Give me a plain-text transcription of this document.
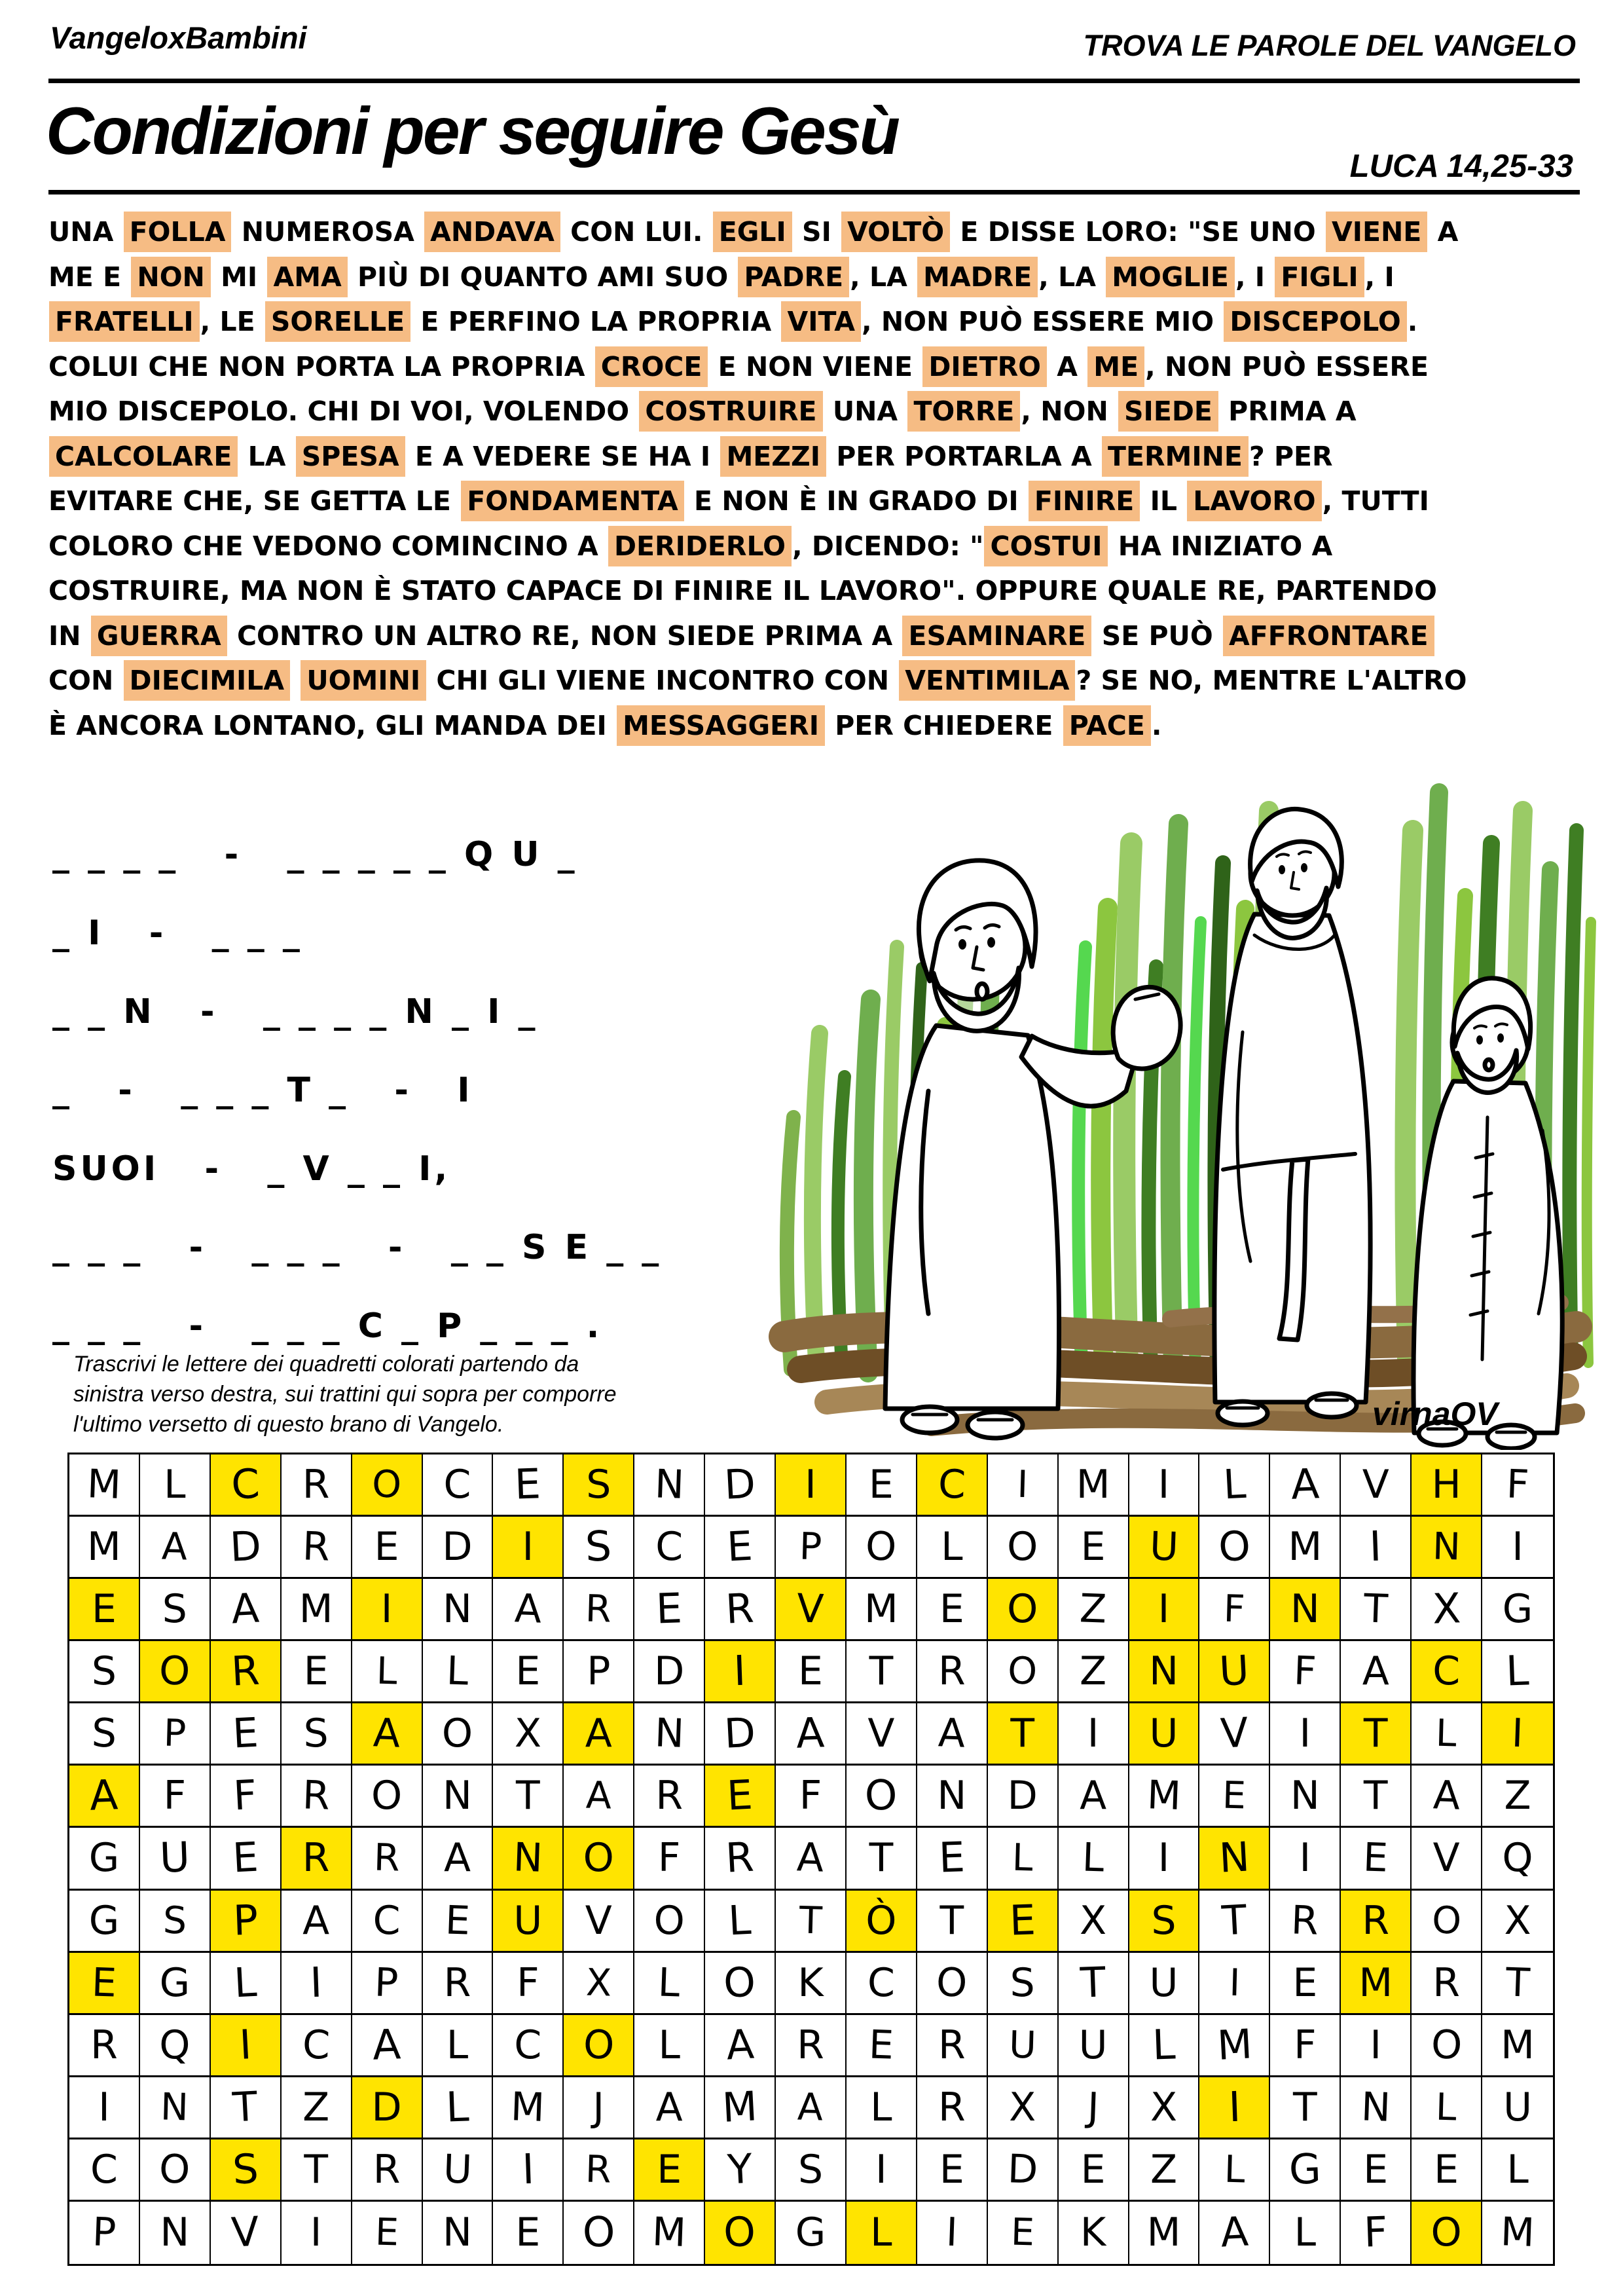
VangeloxBambini	TROVA LE PAROLE DEL VANGELO
Condizioni per seguire Gesù	LUCA 14,25-33
UNA FOLLA NUMEROSA ANDAVA CON LUI. EGLI SI VOLTÒ E DISSE LORO: "SE UNO VIENE A
ME E NON MI AMA PIÙ DI QUANTO AMI SUO PADRE , LA MADRE , LA MOGLIE , I FIGLI , I
FRATELLI , LE SORELLE E PERFINO LA PROPRIA VITA , NON PUÒ ESSERE MIO DISCEPOLO .
COLUI CHE NON PORTA LA PROPRIA CROCE E NON VIENE DIETRO A ME , NON PUÒ ESSERE
MIO DISCEPOLO. CHI DI VOI, VOLENDO COSTRUIRE UNA TORRE , NON SIEDE PRIMA A
CALCOLARE LA SPESA E A VEDERE SE HA I MEZZI PER PORTARLA A TERMINE ? PER
EVITARE CHE, SE GETTA LE FONDAMENTA E NON È IN GRADO DI FINIRE IL LAVORO , TUTTI
COLORO CHE VEDONO COMINCINO A DERIDERLO , DICENDO: " COSTUI HA INIZIATO A
COSTRUIRE, MA NON È STATO CAPACE DI FINIRE IL LAVORO". OPPURE QUALE RE, PARTENDO
IN GUERRA CONTRO UN ALTRO RE, NON SIEDE PRIMA A ESAMINARE SE PUÒ AFFRONTARE
CON DIECIMILA UOMINI CHI GLI VIENE INCONTRO CON VENTIMILA ? SE NO, MENTRE L'ALTRO
È ANCORA LONTANO, GLI MANDA DEI MESSAGGERI PER CHIEDERE PACE .
_ _ _ _   -   _ _ _ _ _ Q U _
_ I   -   _ _ _
_ _ N   -   _ _ _ _ N _ I _
_   -   _ _ _ T _   -   I
SUOI   -   _ V _ _ I,
_ _ _   -   _ _ _   -   _ _ S E _ _
_ _ _   -   _ _ _ C _ P _ _ _ .
Trascrivi le lettere dei quadretti colorati partendo da
sinistra verso destra, sui trattini qui sopra per comporre
l'ultimo versetto di questo brano di Vangelo.	virnaOV
M L C R O C E S N D I E C I M I L A V H F
M A D R E D I S C E P O L O E U O M I N I
E S A M I N A R E R V M E O Z I F N T X G
S O R E L L E P D I E T R O Z N U F A C L
S P E S A O X A N D A V A T I U V I T L I
A F F R O N T A R E F O N D A M E N T A Z
G U E R R A N O F R A T E L L I N I E V Q
G S P A C E U V O L T Ò T E X S T R R O X
E G L I P R F X L O K C O S T U I E M R T
R Q I C A L C O L A R E R U U L M F I O M
I N T Z D L M J A M A L R X J X I T N L U
C O S T R U I R E Y S I E D E Z L G E E L
P N V I E N E O M O G L I E K M A L F O M
